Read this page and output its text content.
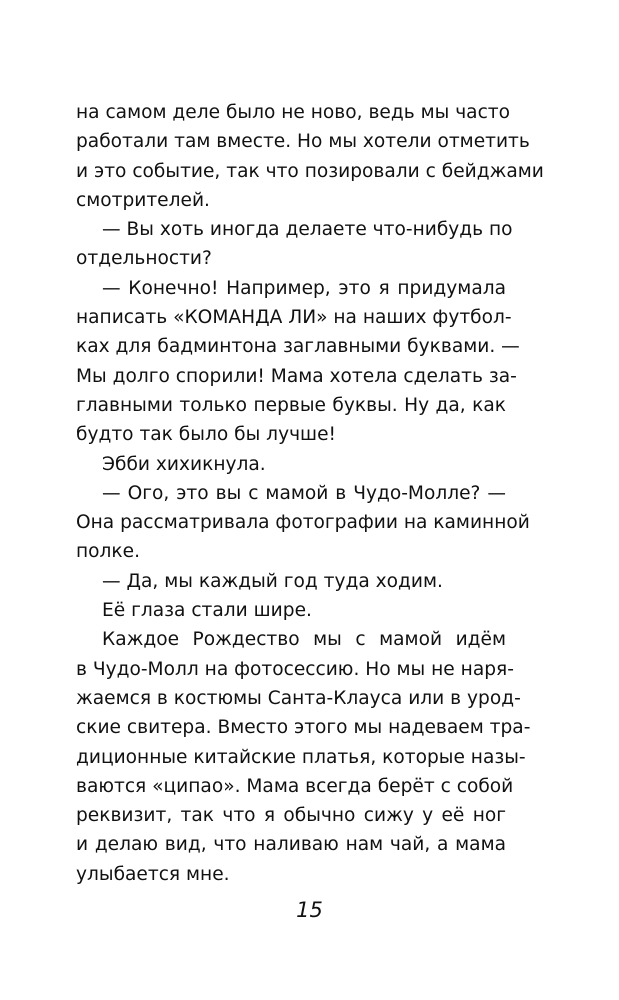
на самом деле было не ново, ведь мы часто
работали там вместе. Но мы хотели отметить
и это событие, так что позировали с бейджами
смотрителей.
— Вы хоть иногда делаете что-нибудь по
отдельности?
— Конечно! Например, это я придумала
написать «КОМАНДА ЛИ» на наших футбол-
ках для бадминтона заглавными буквами. —
Мы долго спорили! Мама хотела сделать за-
главными только первые буквы. Ну да, как
будто так было бы лучше!
Эбби хихикнула.
— Ого, это вы с мамой в Чудо-Молле? —
Она рассматривала фотографии на каминной
полке.
— Да, мы каждый год туда ходим.
Её глаза стали шире.
Каждое Рождество мы с мамой идём
в Чудо-Молл на фотосессию. Но мы не наря-
жаемся в костюмы Санта-Клауса или в урод-
ские свитера. Вместо этого мы надеваем тра-
диционные китайские платья, которые назы-
ваются «ципао». Мама всегда берёт с собой
реквизит, так что я обычно сижу у её ног
и делаю вид, что наливаю нам чай, а мама
улыбается мне.
15
